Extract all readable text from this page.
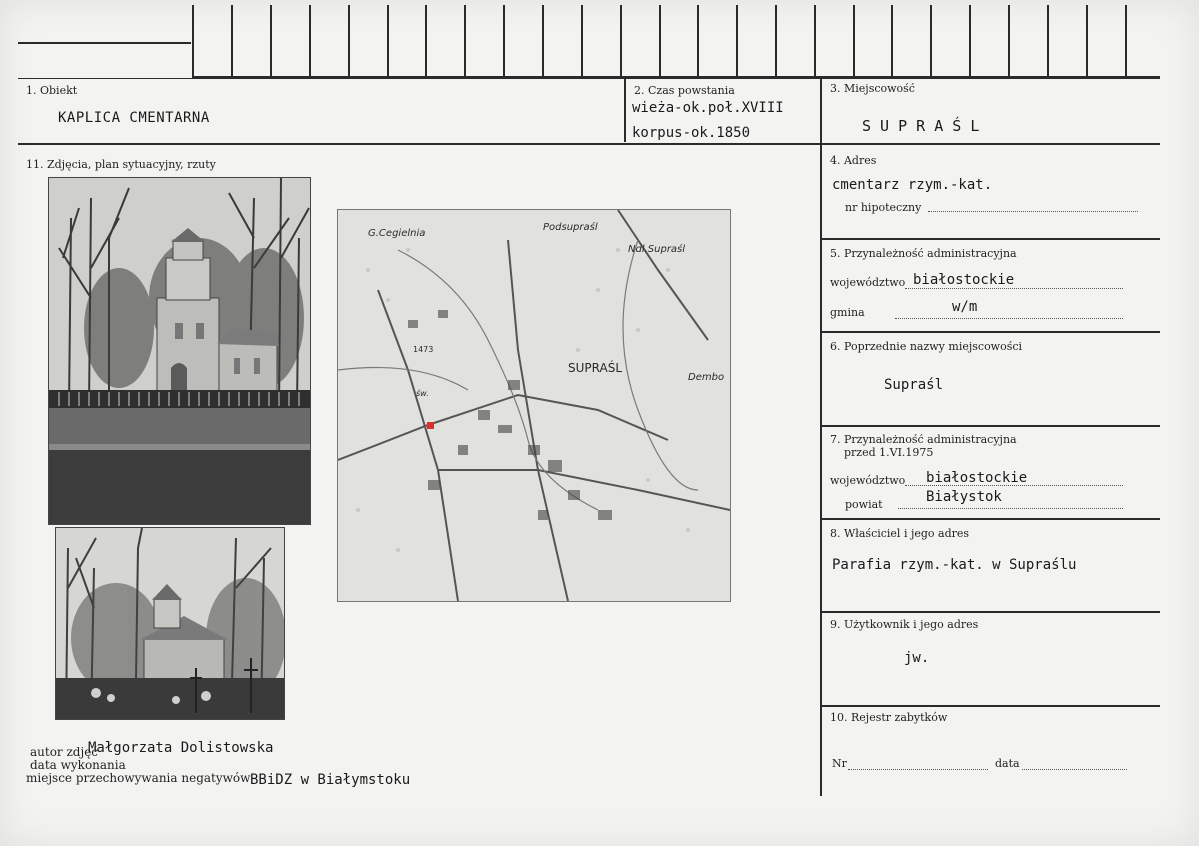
1. Obiekt
KAPLICA CMENTARNA
2. Czas powstania
wieża-ok.poł.XVIII
korpus-ok.1850
3. Miejscowość
S U P R A Ś L
11. Zdjęcia, plan sytuacyjny, rzuty	4. Adres
cmentarz rzym.-kat.
nr hipoteczny
5. Przynależność administracyjna
województwo białostockie
gmina	w/m
6. Poprzednie nazwy miejscowości
Supraśl
7. Przynależność administracyjna
przed 1.VI.1975
województwo białostockie
powiat	Białystok
8. Właściciel i jego adres
Parafia rzym.-kat. w Supraślu
9. Użytkownik i jego adres
jw.
10. Rejestr zabytków
Nr	data
G.Cegielnia
Podsupraśl
Ndl.Supraśl
SUPRAŚL
Dembo
1473
św.
autor zdjęć
Małgorzata Dolistowska
data wykonania
miejsce przechowywania negatywów BBiDZ w Białymstoku
